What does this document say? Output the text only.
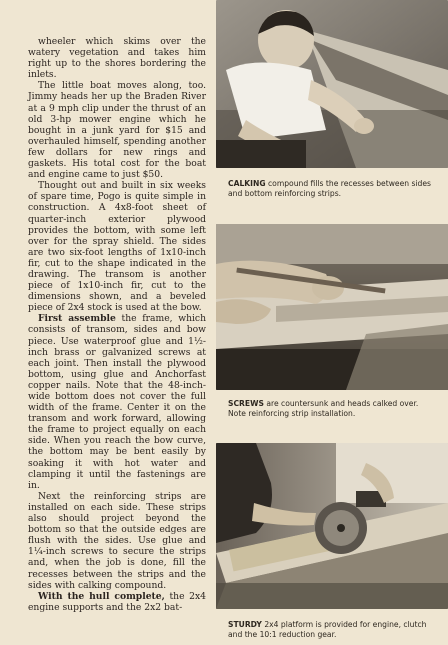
wheeler which skims over the watery vegetation and takes him right up to the shores bordering the inlets.

The little boat moves along, too. Jimmy heads her up the Braden River at a 9 mph clip under the thrust of an old 3-hp mower engine which he bought in a junk yard for $15 and overhauled himself, spending another few dollars for new rings and gaskets. His total cost for the boat and engine came to just $50.

Thought out and built in six weeks of spare time, Pogo is quite simple in construction. A 4x8-foot sheet of quarter-inch exterior plywood provides the bottom, with some left over for the spray shield. The sides are two six-foot lengths of 1x10-inch fir, cut to the shape indicated in the drawing. The transom is another piece of 1x10-inch fir, cut to the dimensions shown, and a beveled piece of 2x4 stock is used at the bow.

First assemble the frame, which consists of transom, sides and bow piece. Use waterproof glue and 1½-inch brass or galvanized screws at each joint. Then install the plywood bottom, using glue and Anchorfast copper nails. Note that the 48-inch-wide bottom does not cover the full width of the frame. Center it on the transom and work forward, allowing the frame to project equally on each side. When you reach the bow curve, the bottom may be bent easily by soaking it with hot water and clamping it until the fastenings are in.

Next the reinforcing strips are installed on each side. These strips also should project beyond the bottom so that the outside edges are flush with the sides. Use glue and 1¼-inch screws to secure the strips and, when the job is done, fill the recesses between the strips and the sides with calking compound.

With the hull complete, the 2x4 engine supports and the 2x2 bat-

CALKING compound fills the recesses between sides and bottom reinforcing strips.
SCREWS are countersunk and heads calked over. Note reinforcing strip installation.
STURDY 2x4 platform is provided for engine, clutch and the 10:1 reduction gear.
